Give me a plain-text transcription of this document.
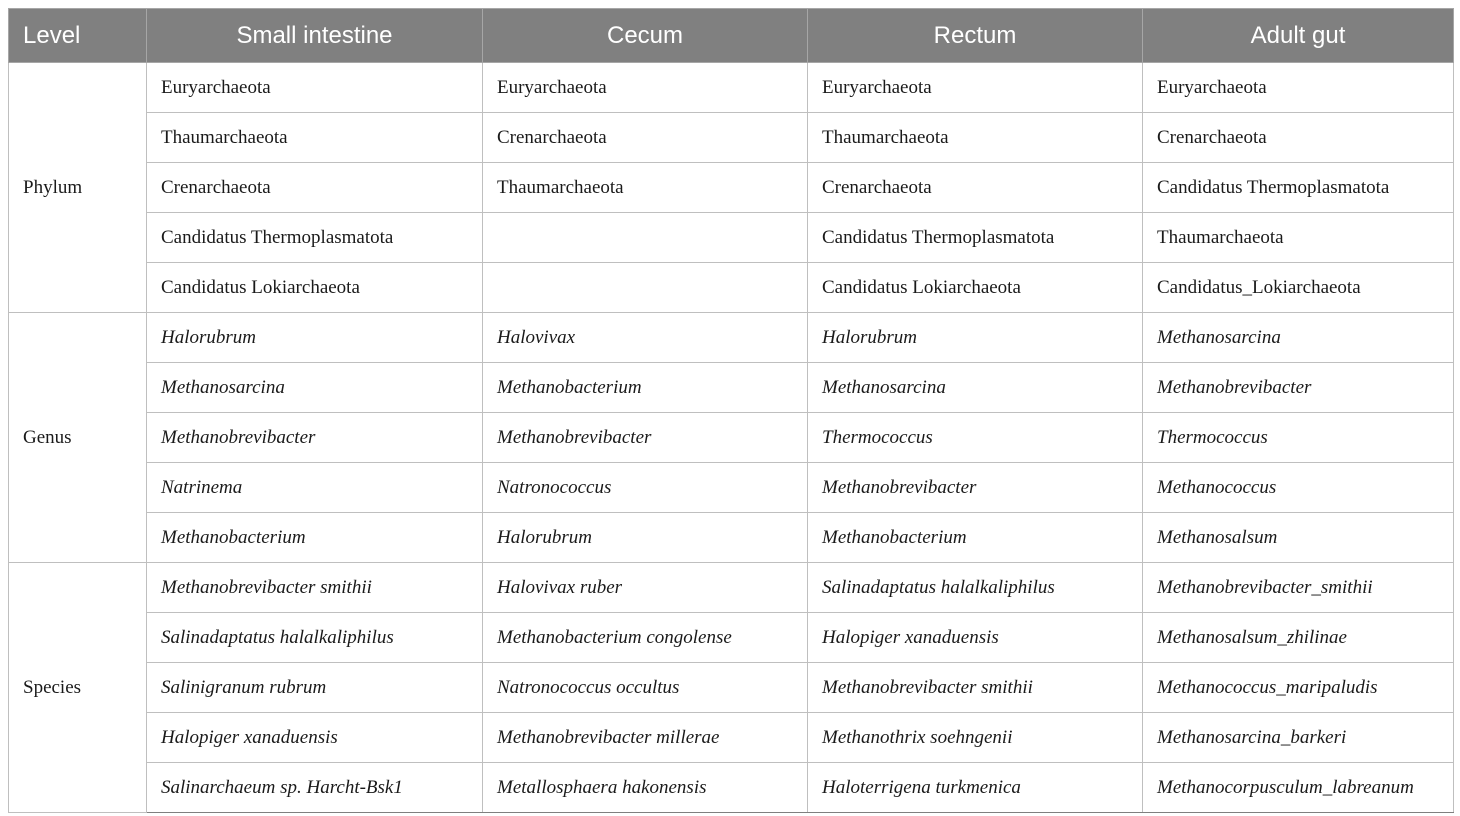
Level	Small intestine	Cecum	Rectum	Adult gut
Phylum	Euryarchaeota	Euryarchaeota	Euryarchaeota	Euryarchaeota
	Thaumarchaeota	Crenarchaeota	Thaumarchaeota	Crenarchaeota
	Crenarchaeota	Thaumarchaeota	Crenarchaeota	Candidatus Thermoplasmatota
	Candidatus Thermoplasmatota		Candidatus Thermoplasmatota	Thaumarchaeota
	Candidatus Lokiarchaeota		Candidatus Lokiarchaeota	Candidatus_Lokiarchaeota
Genus	Halorubrum	Halovivax	Halorubrum	Methanosarcina
	Methanosarcina	Methanobacterium	Methanosarcina	Methanobrevibacter
	Methanobrevibacter	Methanobrevibacter	Thermococcus	Thermococcus
	Natrinema	Natronococcus	Methanobrevibacter	Methanococcus
	Methanobacterium	Halorubrum	Methanobacterium	Methanosalsum
Species	Methanobrevibacter smithii	Halovivax ruber	Salinadaptatus halalkaliphilus	Methanobrevibacter_smithii
	Salinadaptatus halalkaliphilus	Methanobacterium congolense	Halopiger xanaduensis	Methanosalsum_zhilinae
	Salinigranum rubrum	Natronococcus occultus	Methanobrevibacter smithii	Methanococcus_maripaludis
	Halopiger xanaduensis	Methanobrevibacter millerae	Methanothrix soehngenii	Methanosarcina_barkeri
	Salinarchaeum sp. Harcht-Bsk1	Metallosphaera hakonensis	Haloterrigena turkmenica	Methanocorpusculum_labreanum
